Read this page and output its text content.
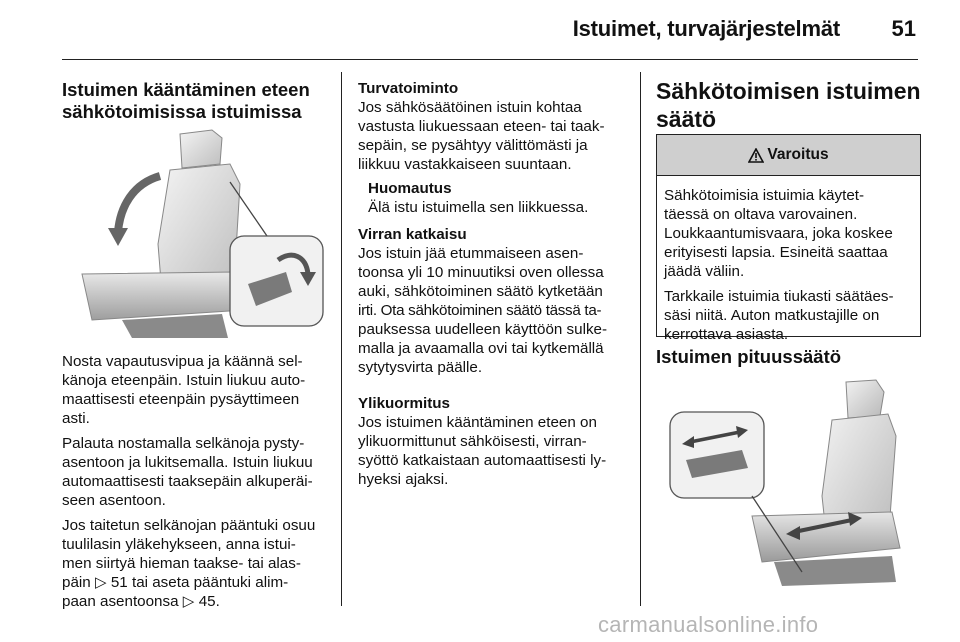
Istuimet, turvajärjestelmät 51
Istuimen kääntäminen eteen
sähkötoimisissa istuimissa

Nosta vapautusvipua ja käännä sel-
känoja eteenpäin. Istuin liukuu auto-
maattisesti eteenpäin pysäyttimeen
asti.

Palauta nostamalla selkänoja pysty-
asentoon ja lukitsemalla. Istuin liukuu
automaattisesti taaksepäin alkuperäi-
seen asentoon.

Jos taitetun selkänojan pääntuki osuu
tuulilasin yläkehykseen, anna istui-
men siirtyä hieman taakse- tai alas-
päin ▷ 51 tai aseta pääntuki alim-
paan asentoonsa ▷ 45.

Turvatoiminto

Jos sähkösäätöinen istuin kohtaa
vastusta liukuessaan eteen- tai taak-
sepäin, se pysähtyy välittömästi ja
liikkuu vastakkaiseen suuntaan.

Huomautus
Älä istu istuimella sen liikkuessa.
Virran katkaisu

Jos istuin jää etummaiseen asen-
toonsa yli 10 minuutiksi oven ollessa
auki, sähkötoiminen säätö kytketään
irti. Ota sähkötoiminen säätö tässä ta-
pauksessa uudelleen käyttöön sulke-
malla ja avaamalla ovi tai kytkemällä
sytytysvirta päälle.

Ylikuormitus

Jos istuimen kääntäminen eteen on
ylikuormittunut sähköisesti, virran-
syöttö katkaistaan automaattisesti ly-
hyeksi ajaksi.

Sähkötoimisen istuimen
säätö
Varoitus

Sähkötoimisia istuimia käytet-
täessä on oltava varovainen.
Loukkaantumisvaara, joka koskee
erityisesti lapsia. Esineitä saattaa
jäädä väliin.

Tarkkaile istuimia tiukasti säätäes-
säsi niitä. Auton matkustajille on
kerrottava asiasta.

Istuimen pituussäätö
carmanualsonline.info
